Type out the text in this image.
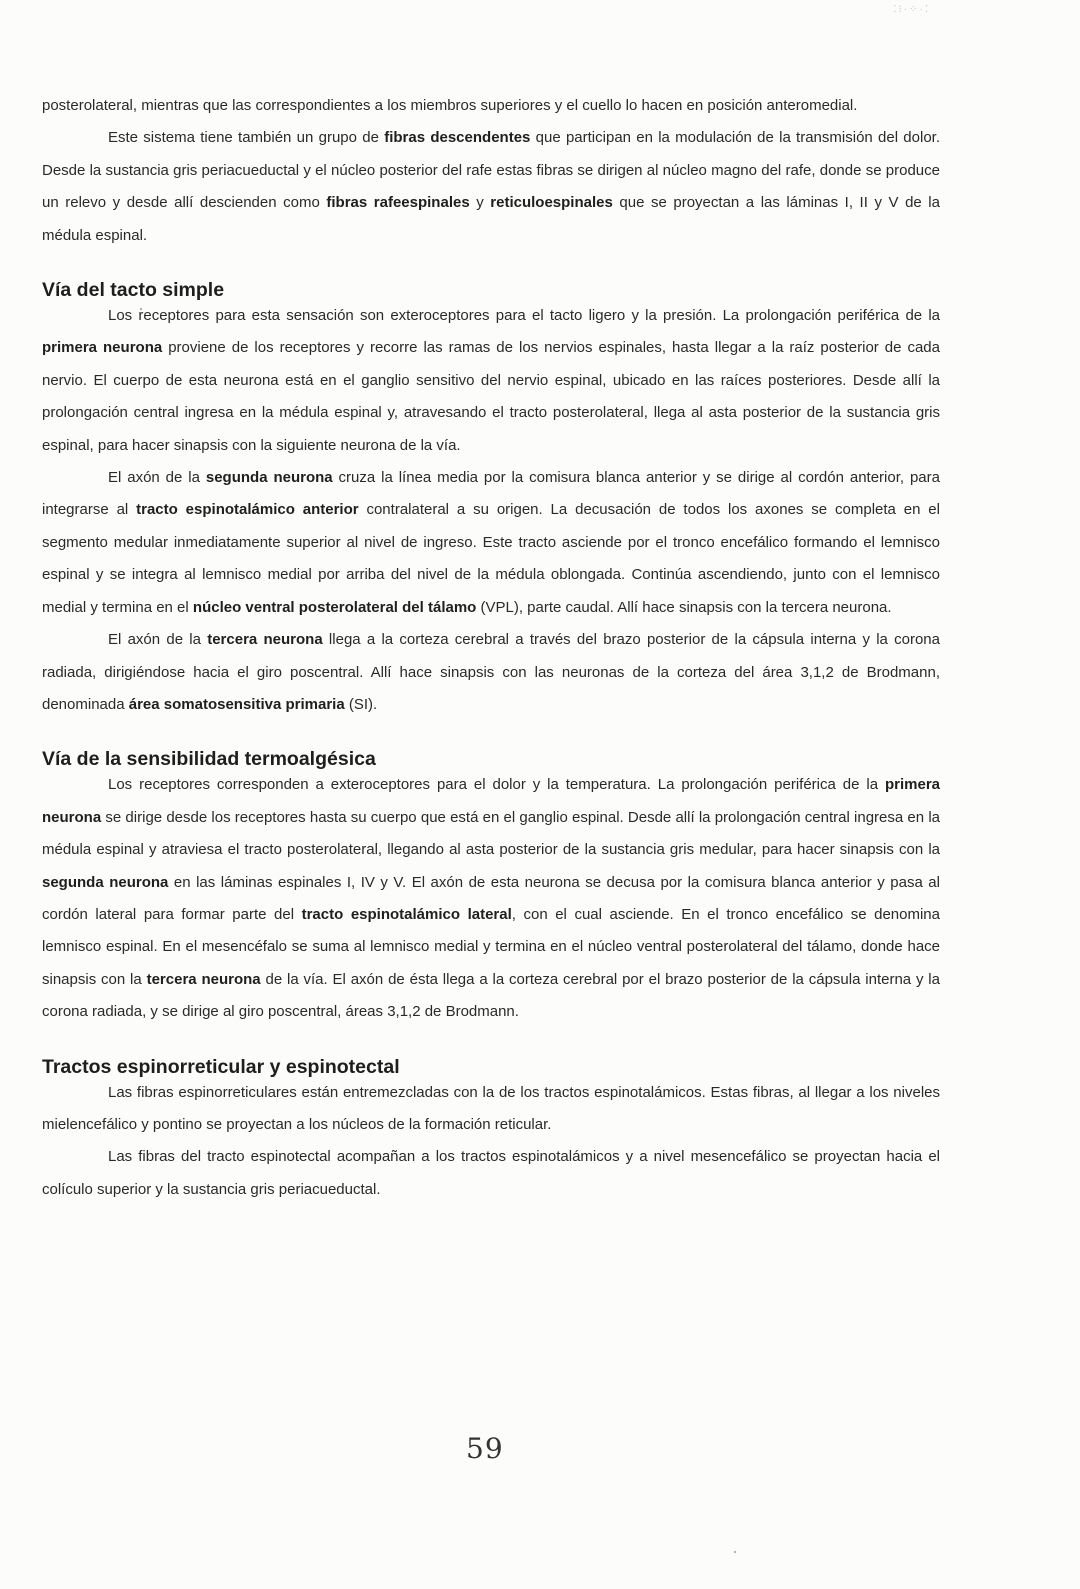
⁚⁝·⁘·⁚

posterolateral, mientras que las correspondientes a los miembros superiores y el cuello lo hacen en posición anteromedial.

Este sistema tiene también un grupo de fibras descendentes que participan en la modulación de la transmisión del dolor. Desde la sustancia gris periacueductal y el núcleo posterior del rafe estas fibras se dirigen al núcleo magno del rafe, donde se produce un relevo y desde allí descienden como fibras rafeespinales y reticuloespinales que se proyectan a las láminas I, II y V de la médula espinal.

Vía del tacto simple

Los receptores para esta sensación son exteroceptores para el tacto ligero y la presión. La prolongación periférica de la primera neurona proviene de los receptores y recorre las ramas de los nervios espinales, hasta llegar a la raíz posterior de cada nervio. El cuerpo de esta neurona está en el ganglio sensitivo del nervio espinal, ubicado en las raíces posteriores. Desde allí la prolongación central ingresa en la médula espinal y, atravesando el tracto posterolateral, llega al asta posterior de la sustancia gris espinal, para hacer sinapsis con la siguiente neurona de la vía.

El axón de la segunda neurona cruza la línea media por la comisura blanca anterior y se dirige al cordón anterior, para integrarse al tracto espinotalámico anterior contralateral a su origen. La decusación de todos los axones se completa en el segmento medular inmediatamente superior al nivel de ingreso. Este tracto asciende por el tronco encefálico formando el lemnisco espinal y se integra al lemnisco medial por arriba del nivel de la médula oblongada. Continúa ascendiendo, junto con el lemnisco medial y termina en el núcleo ventral posterolateral del tálamo (VPL), parte caudal. Allí hace sinapsis con la tercera neurona.

El axón de la tercera neurona llega a la corteza cerebral a través del brazo posterior de la cápsula interna y la corona radiada, dirigiéndose hacia el giro poscentral. Allí hace sinapsis con las neuronas de la corteza del área 3,1,2 de Brodmann, denominada área somatosensitiva primaria (SI).

Vía de la sensibilidad termoalgésica

Los receptores corresponden a exteroceptores para el dolor y la temperatura. La prolongación periférica de la primera neurona se dirige desde los receptores hasta su cuerpo que está en el ganglio espinal. Desde allí la prolongación central ingresa en la médula espinal y atraviesa el tracto posterolateral, llegando al asta posterior de la sustancia gris medular, para hacer sinapsis con la segunda neurona en las láminas espinales I, IV y V. El axón de esta neurona se decusa por la comisura blanca anterior y pasa al cordón lateral para formar parte del tracto espinotalámico lateral, con el cual asciende. En el tronco encefálico se denomina lemnisco espinal. En el mesencéfalo se suma al lemnisco medial y termina en el núcleo ventral posterolateral del tálamo, donde hace sinapsis con la tercera neurona de la vía. El axón de ésta llega a la corteza cerebral por el brazo posterior de la cápsula interna y la corona radiada, y se dirige al giro poscentral, áreas 3,1,2 de Brodmann.

Tractos espinorreticular y espinotectal

Las fibras espinorreticulares están entremezcladas con la de los tractos espinotalámicos. Estas fibras, al llegar a los niveles mielencefálico y pontino se proyectan a los núcleos de la formación reticular.

Las fibras del tracto espinotectal acompañan a los tractos espinotalámicos y a nivel mesencefálico se proyectan hacia el colículo superior y la sustancia gris periacueductal.

59
